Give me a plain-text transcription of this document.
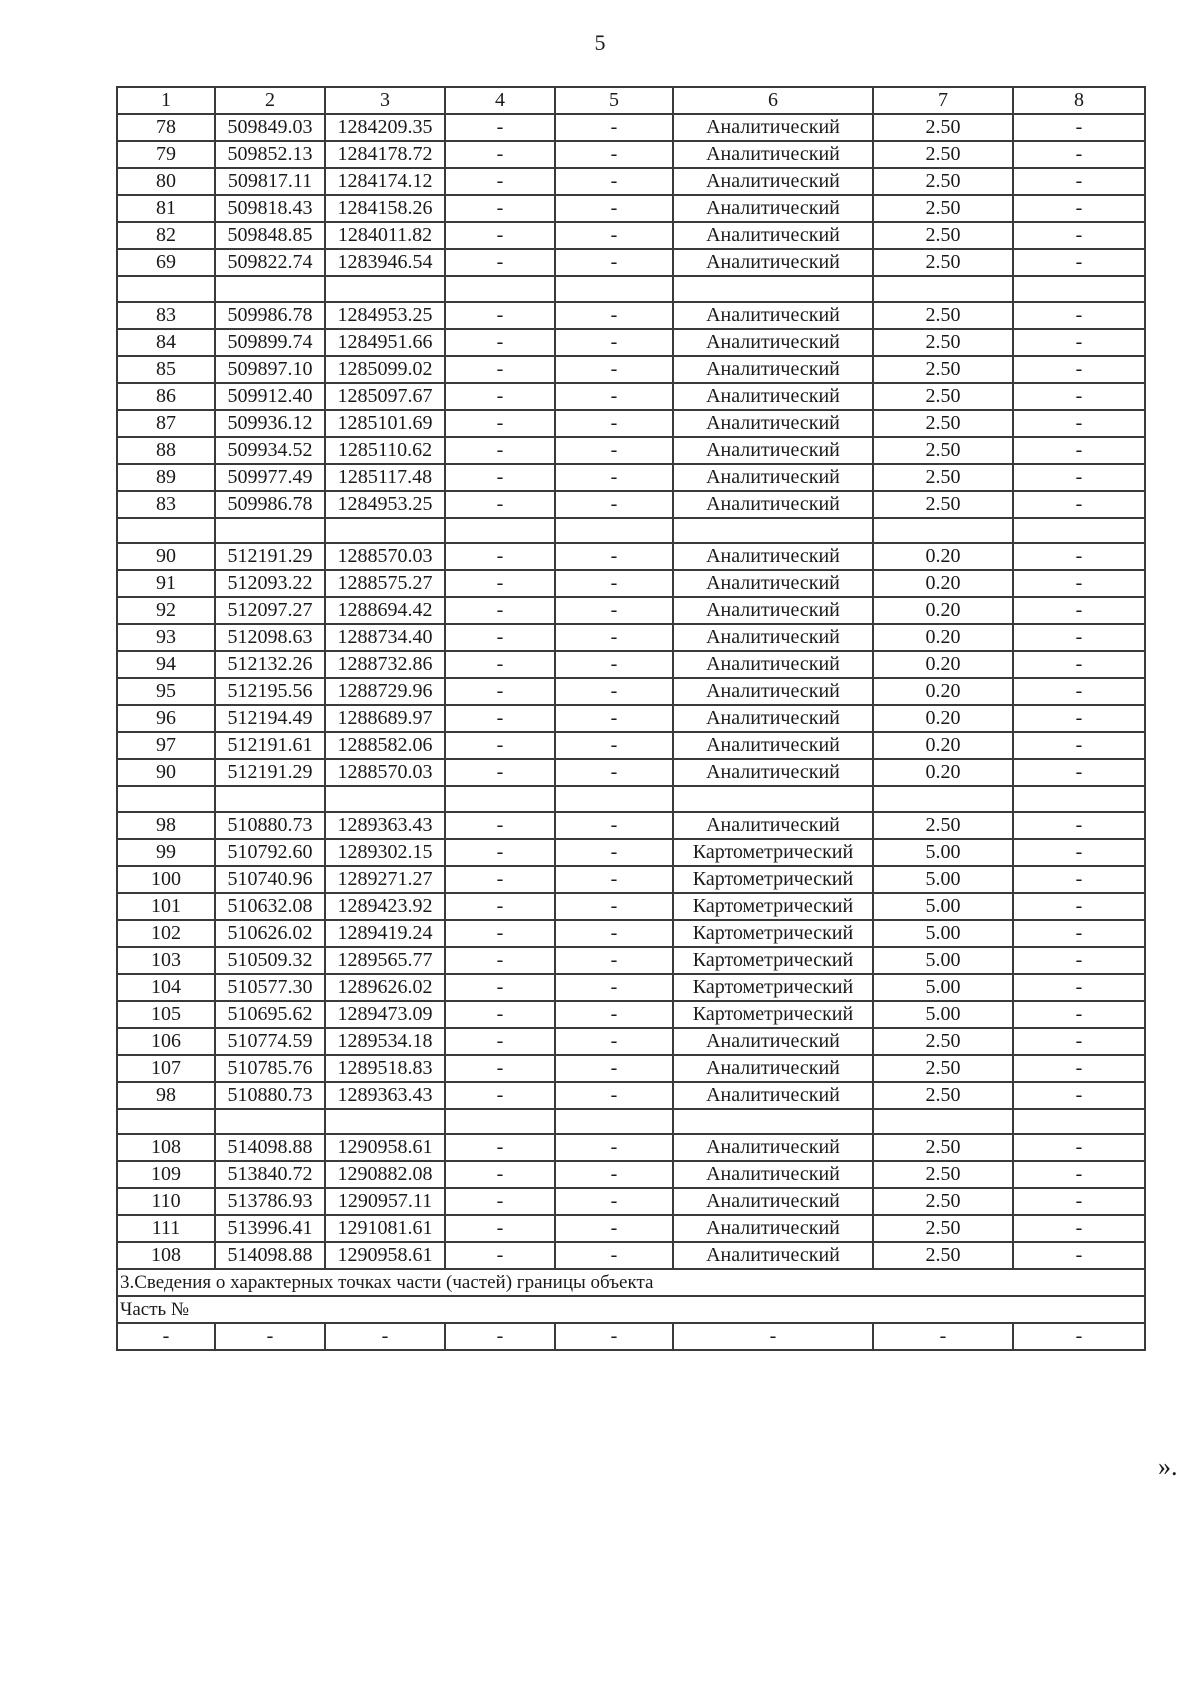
5
1	2	3	4	5	6	7	8
78	509849.03	1284209.35	-	-	Аналитический	2.50	-
79	509852.13	1284178.72	-	-	Аналитический	2.50	-
80	509817.11	1284174.12	-	-	Аналитический	2.50	-
81	509818.43	1284158.26	-	-	Аналитический	2.50	-
82	509848.85	1284011.82	-	-	Аналитический	2.50	-
69	509822.74	1283946.54	-	-	Аналитический	2.50	-

83	509986.78	1284953.25	-	-	Аналитический	2.50	-
84	509899.74	1284951.66	-	-	Аналитический	2.50	-
85	509897.10	1285099.02	-	-	Аналитический	2.50	-
86	509912.40	1285097.67	-	-	Аналитический	2.50	-
87	509936.12	1285101.69	-	-	Аналитический	2.50	-
88	509934.52	1285110.62	-	-	Аналитический	2.50	-
89	509977.49	1285117.48	-	-	Аналитический	2.50	-
83	509986.78	1284953.25	-	-	Аналитический	2.50	-

90	512191.29	1288570.03	-	-	Аналитический	0.20	-
91	512093.22	1288575.27	-	-	Аналитический	0.20	-
92	512097.27	1288694.42	-	-	Аналитический	0.20	-
93	512098.63	1288734.40	-	-	Аналитический	0.20	-
94	512132.26	1288732.86	-	-	Аналитический	0.20	-
95	512195.56	1288729.96	-	-	Аналитический	0.20	-
96	512194.49	1288689.97	-	-	Аналитический	0.20	-
97	512191.61	1288582.06	-	-	Аналитический	0.20	-
90	512191.29	1288570.03	-	-	Аналитический	0.20	-

98	510880.73	1289363.43	-	-	Аналитический	2.50	-
99	510792.60	1289302.15	-	-	Картометрический	5.00	-
100	510740.96	1289271.27	-	-	Картометрический	5.00	-
101	510632.08	1289423.92	-	-	Картометрический	5.00	-
102	510626.02	1289419.24	-	-	Картометрический	5.00	-
103	510509.32	1289565.77	-	-	Картометрический	5.00	-
104	510577.30	1289626.02	-	-	Картометрический	5.00	-
105	510695.62	1289473.09	-	-	Картометрический	5.00	-
106	510774.59	1289534.18	-	-	Аналитический	2.50	-
107	510785.76	1289518.83	-	-	Аналитический	2.50	-
98	510880.73	1289363.43	-	-	Аналитический	2.50	-

108	514098.88	1290958.61	-	-	Аналитический	2.50	-
109	513840.72	1290882.08	-	-	Аналитический	2.50	-
110	513786.93	1290957.11	-	-	Аналитический	2.50	-
111	513996.41	1291081.61	-	-	Аналитический	2.50	-
108	514098.88	1290958.61	-	-	Аналитический	2.50	-
3.Сведения о характерных точках части (частей) границы объекта							
Часть №							
-	-	-	-	-	-	-	-
».
